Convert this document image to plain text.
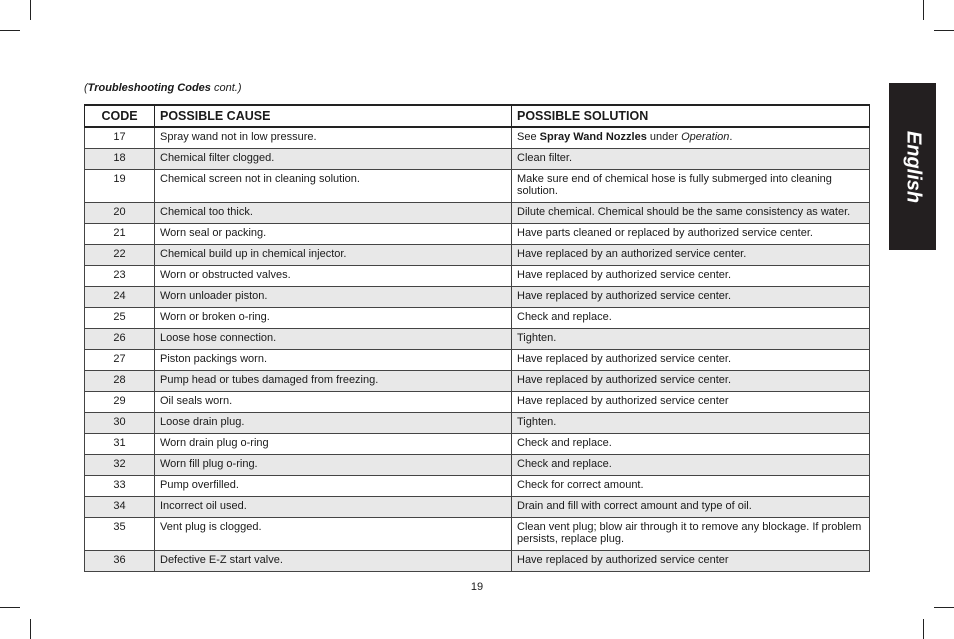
(Troubleshooting Codes cont.)
CODE	POSSIBLE CAUSE	POSSIBLE SOLUTION
17	Spray wand not in low pressure.	See Spray Wand Nozzles under Operation.
18	Chemical filter clogged.	Clean filter.
19	Chemical screen not in cleaning solution.	Make sure end of chemical hose is fully submerged into cleaning solution.
20	Chemical too thick.	Dilute chemical. Chemical should be the same consistency as water.
21	Worn seal or packing.	Have parts cleaned or replaced by authorized service center.
22	Chemical build up in chemical injector.	Have replaced by an authorized service center.
23	Worn or obstructed valves.	Have replaced by authorized service center.
24	Worn unloader piston.	Have replaced by authorized service center.
25	Worn or broken o-ring.	Check and replace.
26	Loose hose connection.	Tighten.
27	Piston packings worn.	Have replaced by authorized service center.
28	Pump head or tubes damaged from freezing.	Have replaced by authorized service center.
29	Oil seals worn.	Have replaced by authorized service center
30	Loose drain plug.	Tighten.
31	Worn drain plug o-ring	Check and replace.
32	Worn fill plug o-ring.	Check and replace.
33	Pump overfilled.	Check for correct amount.
34	Incorrect oil used.	Drain and fill with correct amount and type of oil.
35	Vent plug is clogged.	Clean vent plug; blow air through it to remove any blockage. If problem persists, replace plug.
36	Defective E-Z start valve.	Have replaced by authorized service center
English
19
